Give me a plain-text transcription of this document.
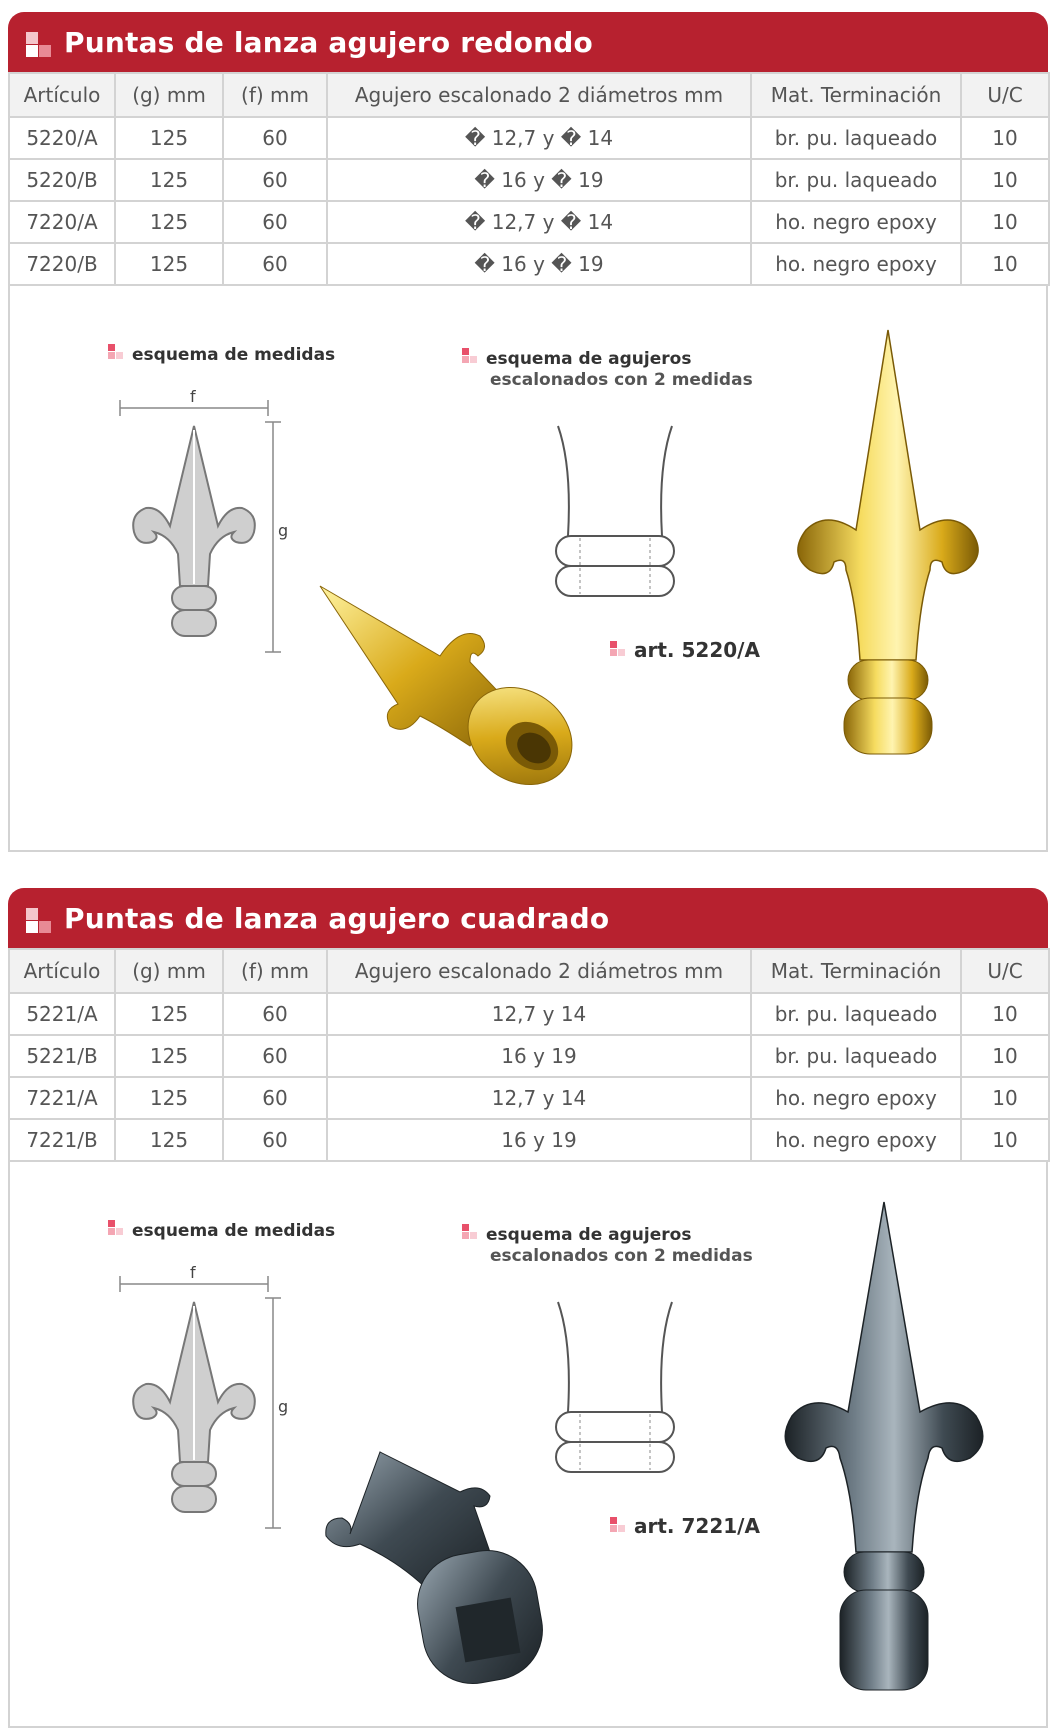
Puntas de lanza agujero redondo
Artículo	(g) mm	(f) mm	Agujero escalonado 2 diámetros mm	Mat. Terminación	U/C
5220/A	125	60	� 12,7 y � 14	br. pu. laqueado	10
5220/B	125	60	� 16 y � 19	br. pu. laqueado	10
7220/A	125	60	� 12,7 y � 14	ho. negro epoxy	10
7220/B	125	60	� 16 y � 19	ho. negro epoxy	10
esquema de medidas	esquema de agujeros
escalonados con 2 medidas
f
g
art. 5220/A
Puntas de lanza agujero cuadrado
Artículo	(g) mm	(f) mm	Agujero escalonado 2 diámetros mm	Mat. Terminación	U/C
5221/A	125	60	12,7 y 14	br. pu. laqueado	10
5221/B	125	60	16 y 19	br. pu. laqueado	10
7221/A	125	60	12,7 y 14	ho. negro epoxy	10
7221/B	125	60	16 y 19	ho. negro epoxy	10
esquema de medidas	esquema de agujeros
escalonados con 2 medidas
f
g
art. 7221/A
